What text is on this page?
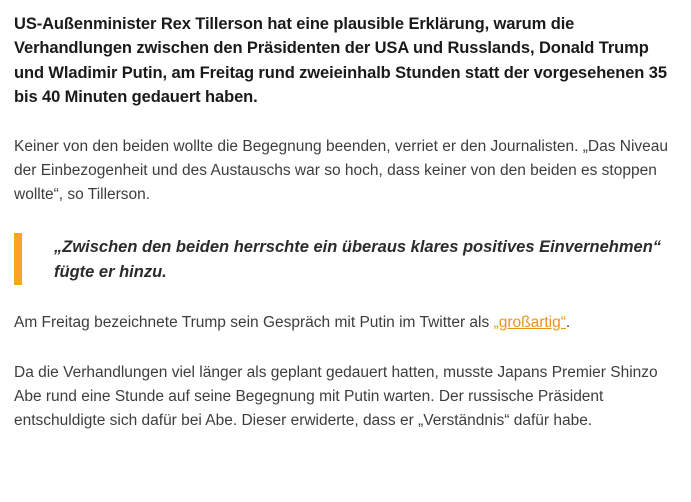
US-Außenminister Rex Tillerson hat eine plausible Erklärung, warum die Verhandlungen zwischen den Präsidenten der USA und Russlands, Donald Trump und Wladimir Putin, am Freitag rund zweieinhalb Stunden statt der vorgesehenen 35 bis 40 Minuten gedauert haben.

Keiner von den beiden wollte die Begegnung beenden, verriet er den Journalisten. „Das Niveau der Einbezogenheit und des Austauschs war so hoch, dass keiner von den beiden es stoppen wollte“, so Tillerson.

„Zwischen den beiden herrschte ein überaus klares positives Einvernehmen“ fügte er hinzu.

Am Freitag bezeichnete Trump sein Gespräch mit Putin im Twitter als „großartig“.

Da die Verhandlungen viel länger als geplant gedauert hatten, musste Japans Premier Shinzo Abe rund eine Stunde auf seine Begegnung mit Putin warten. Der russische Präsident entschuldigte sich dafür bei Abe. Dieser erwiderte, dass er „Verständnis“ dafür habe.
